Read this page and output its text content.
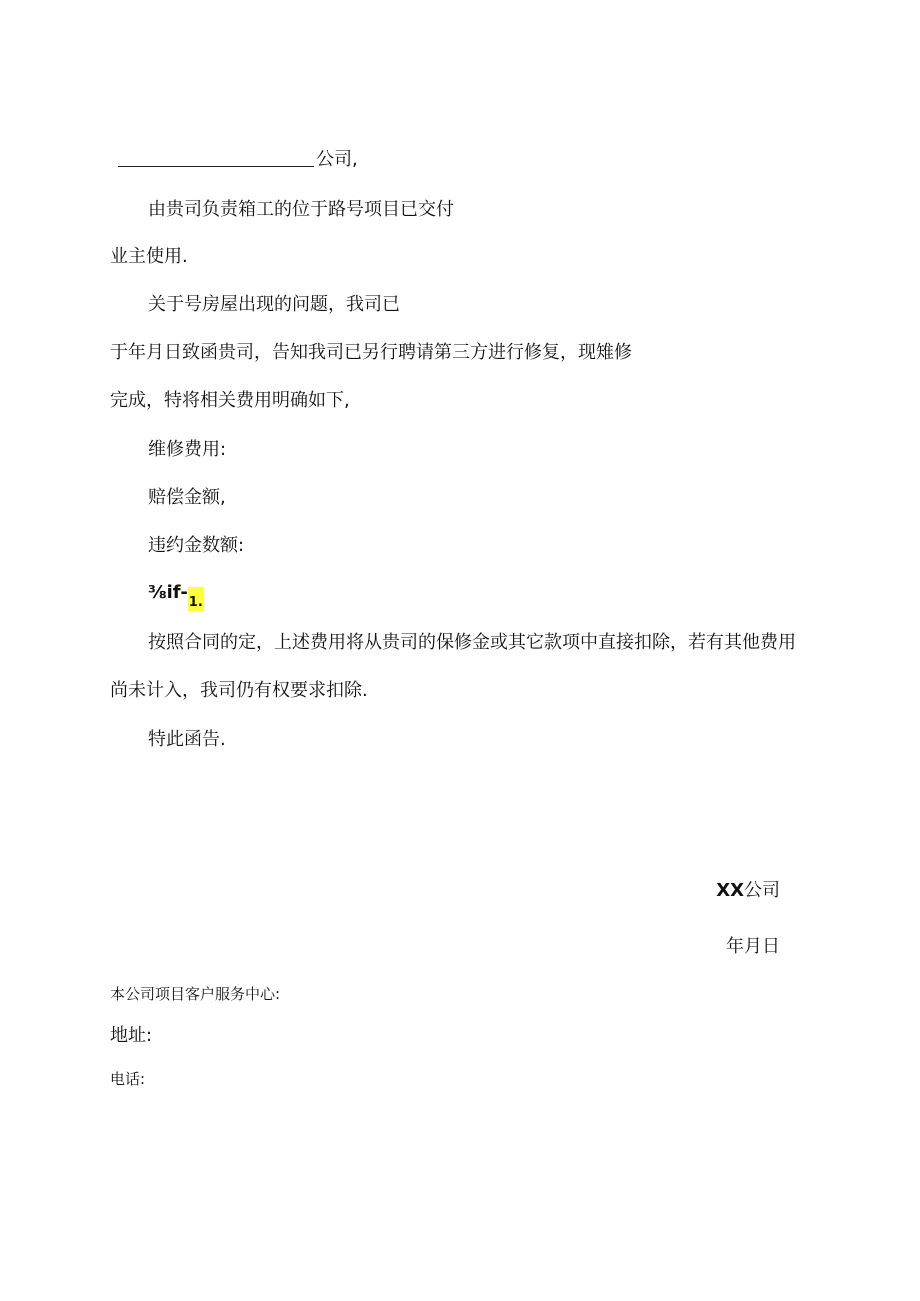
公司,
由贵司负责箱工的位于路号项目已交付
业主使用.
关于号房屋出现的问题，我司已
于年月日致函贵司，告知我司已另行聘请第三方进行修复，现雉修
完成，特将相关费用明确如下,
维修费用:
赔偿金额,
违约金数额:
⅜if-1.
按照合同的定，上述费用将从贵司的保修金或其它款项中直接扣除，若有其他费用
尚未计入，我司仍有权要求扣除.
特此函告.
XX公司
年月日
本公司项目客户服务中心:
地址:
电话:
